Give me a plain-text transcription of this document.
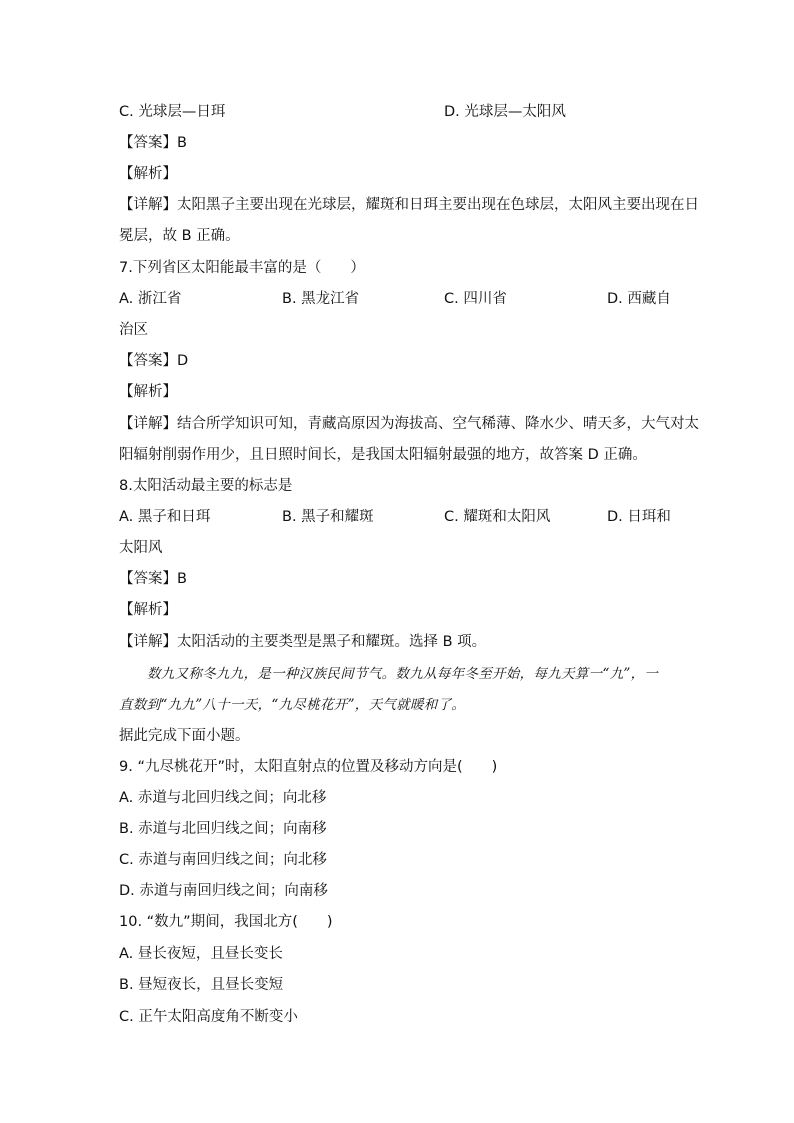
C. 光球层—日珥	D. 光球层—太阳风
【答案】B
【解析】
【详解】太阳黑子主要出现在光球层，耀斑和日珥主要出现在色球层，太阳风主要出现在日
冕层，故 B 正确。
7.下列省区太阳能最丰富的是（　　）
A. 浙江省	B. 黑龙江省	C. 四川省	D. 西藏自
治区
【答案】D
【解析】
【详解】结合所学知识可知，青藏高原因为海拔高、空气稀薄、降水少、晴天多，大气对太
阳辐射削弱作用少，且日照时间长，是我国太阳辐射最强的地方，故答案 D 正确。
8.太阳活动最主要的标志是
A. 黑子和日珥	B. 黑子和耀斑	C. 耀斑和太阳风	D. 日珥和
太阳风
【答案】B
【解析】
【详解】太阳活动的主要类型是黑子和耀斑。选择 B 项。
数九又称冬九九，是一种汉族民间节气。数九从每年冬至开始，每九天算一“九”，一
直数到“九九”八十一天，“九尽桃花开”，天气就暖和了。
据此完成下面小题。
9. “九尽桃花开”时，太阳直射点的位置及移动方向是(　　)
A. 赤道与北回归线之间；向北移
B. 赤道与北回归线之间；向南移
C. 赤道与南回归线之间；向北移
D. 赤道与南回归线之间；向南移
10. “数九”期间，我国北方(　　)
A. 昼长夜短，且昼长变长
B. 昼短夜长，且昼长变短
C. 正午太阳高度角不断变小
